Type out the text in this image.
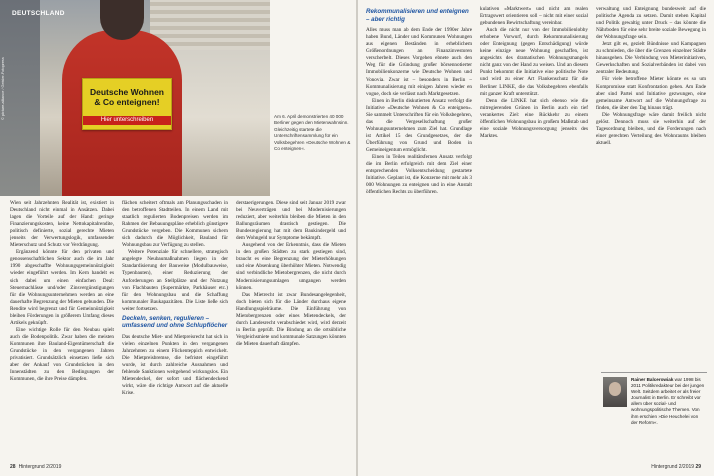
Deutsche Wohnen & Co enteignen!
Hier unterschreiben
© picture-alliance / Geisler-Fotopress
DEUTSCHLAND
Am 6. April demonstrierten 40 000 Berliner gegen den Mietenwahnsinn. Gleichzeitig startete die Unterschriftensammlung für ein Volksbegehren »Deutsche Wohnen & Co enteignen«.

Wien seit Jahrzehnten Realität ist, existiert in Deutschland nicht einmal in Ansätzen. Dabei lagen die Vorteile auf der Hand: geringe Finanzierungskosten, keine Nettokapitalrendite, politisch definierte, sozial gerechte Mieten jenseits der Verwertungslogik, umfassender Mieterschutz und Schutz vor Verdrängung.

Ergänzend könnte für den privaten und genossenschaftlichen Sektor auch die im Jahr 1990 abgeschaffte Wohnungsgemeinnützigkeit wieder eingeführt werden. Im Kern handelt es sich dabei um einen einfachen Deal: Steuernachlässe und/oder Zinsvergünstigungen für die Wohnungsunternehmen werden an eine dauerhafte Begrenzung der Mieten gebunden. Die Rendite wird begrenzt und für Gemeinnützigkeit bleiben Förderungen in größerem Umfang dieses Artikels geknüpft.

Eine wichtige Rolle für den Neubau spielt auch die Bodenpolitik. Zwar haben die meisten Kommunen ihre Bauland-Eigentümerschaft die Grundstücke in den vergangenen Jahren privatisiert. Grundsätzlich einsetzen ließe sich aber der Ankauf von Grundstücken in den Innenstädten zu den Bedingungen der Kommunen, die ihre Preise dämpfen.

flächen scheitert oftmals am Planungsschaden in den betroffenen Stadtteilen. In einem Land mit staatlich regulierten Bodenpreisen werden im Rahmen der Bebauungspläne erheblich günstigere Grundstücke vergeben. Die Kommunen sichern sich dadurch die Möglichkeit, Bauland für Wohnungsbau zur Verfügung zu stellen.

Weitere Potenziale für schnellere, strategisch angelegte Neubaumaßnahmen liegen in der Standardisierung der Bauweise (Modulbauweise, Typenbauten), einer Reduzierung der Anforderungen an Stellplätze und der Nutzung von Flachbauten (Supermärkte, Parkhäuser etc.) für den Wohnungsbau und die Schaffung kommunaler Baukapazitäten. Die Liste ließe sich weiter fortsetzen.

Deckeln, senken, regulieren – umfassend und ohne Schlupflöcher

Das deutsche Miet- und Mietpreisrecht hat sich in vielen einzelnen Punkten in den vergangenen Jahrzehnten zu einem Flickenteppich entwickelt. Die Mietpreisbremse, die befristet eingeführt wurde, ist durch zahlreiche Ausnahmen und fehlende Sanktionen weitgehend wirkungslos. Ein Mietendeckel, der sofort und flächendeckend wirkt, wäre die richtige Antwort auf die aktuelle Krise.

derstaerigerungen. Diese sind seit Januar 2019 zwar bei Neuverträgen und bei Modernisierungen reduziert, aber weiterhin bleiben die Mieten in den Ballungsräumen drastisch gestiegen. Die Bundesregierung hat mit dem Baukindergeld und dem Wohngeld nur Symptome bekämpft.

Ausgehend von der Erkenntnis, dass die Mieten in den großen Städten zu stark gestiegen sind, braucht es eine Begrenzung der Mieterhöhungen und eine Absenkung überhöhter Mieten. Notwendig sind verbindliche Mietobergrenzen, die nicht durch Modernisierungsumlagen umgangen werden können.

Das Mietrecht ist zwar Bundesangelegenheit, doch bieten sich für die Länder durchaus eigene Handlungsspielräume. Die Einführung von Mietobergrenzen oder eines Mietendeckels, der durch Landesrecht verabschiedet wird, wird derzeit in Berlin geprüft. Die Bindung an die ortsübliche Vergleichsmiete und kommunale Satzungen könnten die Mieten dauerhaft dämpfen.

28 Hintergrund 2/2019
Rekommunalisieren und enteignen – aber richtig

Alles muss man ab dem Ende der 1990er Jahre haben Bund, Länder und Kommunen Wohnungen aus eigenen Beständen in erheblichem Größenordnungen an Finanzinvestoren verscherbelt. Dieses Vorgehen ebnete auch den Weg für die Gründung großer börsennotierter Immobilienkonzerne wie Deutsche Wohnen und Vonovia. Zwar ist – besonders in Berlin – Kommunalisierung mit einigen Jahren wieder en vogue, doch sie verlässt nach Marktgesetzen.

Einen in Berlin diskutierten Ansatz verfolgt die Initiative »Deutsche Wohnen & Co enteignen«. Sie sammelt Unterschriften für ein Volksbegehren, das die Vergesellschaftung großer Wohnungsunternehmen zum Ziel hat. Grundlage ist Artikel 15 des Grundgesetzes, der die Überführung von Grund und Boden in Gemeineigentum ermöglicht.

Einen in Teilen realitätsfernen Ansatz verfolgt die im Berlin erfolgreich mit dem Ziel einer entsprechenden Volksentscheidung gestartete Initiative. Geplant ist, die Konzerne mit mehr als 3 000 Wohnungen zu enteignen und in eine Anstalt öffentlichen Rechts zu überführen.

kulativen »Marktwert« und nicht am realen Ertragswert orientieren soll – nicht mit einer sozial gebundenen Bewirtschaftung vereinbar.

Auch die nicht nur von der Immobilienlobby erhobene Vorwurf, durch Rekommunalisierung oder Enteignung (gegen Entschädigung) würde keine einzige neue Wohnung geschaffen, ist angesichts des dramatischen Wohnungsmangels nicht ganz von der Hand zu weisen. Und an diesem Punkt bekommt die Initiative eine politische Note und wird zu einer Art Flankenschutz für die Berliner LINKE, die das Volksbegehren ebenfalls mit ganzer Kraft unterstützt.

Denn die LINKE hat sich ebenso wie die mitregierenden Grünen in Berlin auch ein tief verankertes Ziel: eine Rückkehr zu einem öffentlichen Wohnungsbau in großem Maßstab und eine soziale Wohnungsversorgung jenseits des Marktes.

verwaltung und Enteignung bundesweit auf die politische Agenda zu setzen. Damit stehen Kapital und Politik gewaltig unter Druck – das könnte die Nährboden für eine sehr breite soziale Bewegung in der Wohnungsfrage sein.

Jetzt gilt es, gezielt Bündnisse und Kampagnen zu schmieden, die über die Grenzen einzelner Städte hinausgehen. Die Verbindung von Mieterinitiativen, Gewerkschaften und Sozialverbänden ist dabei von zentraler Bedeutung.

Für viele betroffene Mieter könnte es so um Kompromisse statt Konfrontation gehen. Am Ende aber sind Partei und Initiative gezwungen, eine gemeinsame Antwort auf die Wohnungsfrage zu finden, die über den Tag hinaus trägt.

Die Wohnungsfrage wäre damit freilich nicht gelöst. Dennoch muss sie weiterhin auf der Tagesordnung bleiben, und die Forderungen nach einer gerechten Verteilung des Wohnraums bleiben aktuell.

Rainer Balcerowiak war 1998 bis 2011 Politikredakteur bei der jungen Welt. Seitdem arbeitet er als freier Journalist in Berlin. Er schreibt vor allem über sozial- und wohnungspolitische Themen. Von ihm erschien »Die Heuchelei von der Reform«.
Hintergrund 2/2019 29
